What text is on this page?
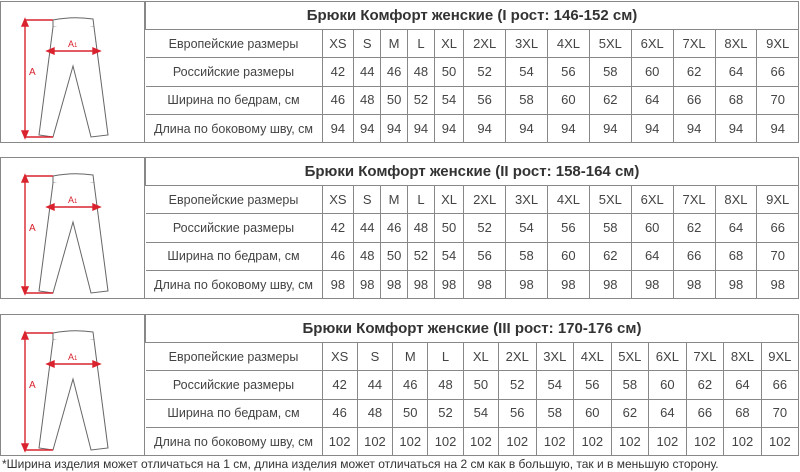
A
A1
Брюки Комфорт женские (I рост: 146-152 см)													
Европейские размеры	XS	S	M	L	XL	2XL	3XL	4XL	5XL	6XL	7XL	8XL	9XL
Российские размеры	42	44	46	48	50	52	54	56	58	60	62	64	66
Ширина по бедрам, см	46	48	50	52	54	56	58	60	62	64	66	68	70
Длина по боковому шву, см	94	94	94	94	94	94	94	94	94	94	94	94	94
A
A1
Брюки Комфорт женские (II рост: 158-164 см)													
Европейские размеры	XS	S	M	L	XL	2XL	3XL	4XL	5XL	6XL	7XL	8XL	9XL
Российские размеры	42	44	46	48	50	52	54	56	58	60	62	64	66
Ширина по бедрам, см	46	48	50	52	54	56	58	60	62	64	66	68	70
Длина по боковому шву, см	98	98	98	98	98	98	98	98	98	98	98	98	98
A
A1
Брюки Комфорт женские (III рост: 170-176 см)													
Европейские размеры	XS	S	M	L	XL	2XL	3XL	4XL	5XL	6XL	7XL	8XL	9XL
Российские размеры	42	44	46	48	50	52	54	56	58	60	62	64	66
Ширина по бедрам, см	46	48	50	52	54	56	58	60	62	64	66	68	70
Длина по боковому шву, см	102	102	102	102	102	102	102	102	102	102	102	102	102
*Ширина изделия может отличаться на 1 см, длина изделия может отличаться на 2 см как в большую, так и в меньшую сторону.
